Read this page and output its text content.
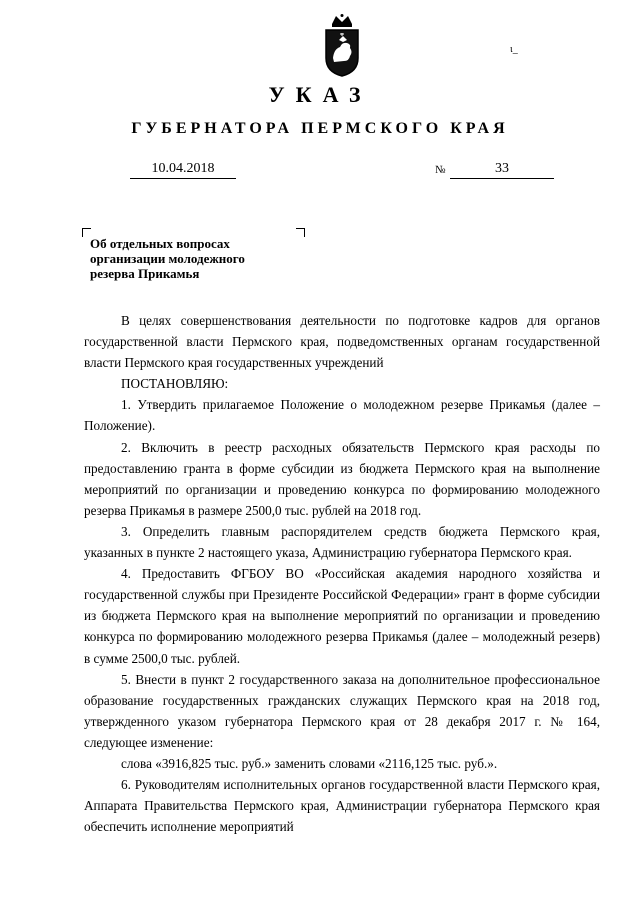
ι_
УКАЗ
ГУБЕРНАТОРА ПЕРМСКОГО КРАЯ
10.04.2018	№	33
Об отдельных вопросах организации молодежного резерва Прикамья

В целях совершенствования деятельности по подготовке кадров для органов государственной власти Пермского края, подведомственных органам государственной власти Пермского края государственных учреждений

ПОСТАНОВЛЯЮ:

1. Утвердить прилагаемое Положение о молодежном резерве Прикамья (далее – Положение).

2. Включить в реестр расходных обязательств Пермского края расходы по предоставлению гранта в форме субсидии из бюджета Пермского края на выполнение мероприятий по организации и проведению конкурса по формированию молодежного резерва Прикамья в размере 2500,0 тыс. рублей на 2018 год.

3. Определить главным распорядителем средств бюджета Пермского края, указанных в пункте 2 настоящего указа, Администрацию губернатора Пермского края.

4. Предоставить ФГБОУ ВО «Российская академия народного хозяйства и государственной службы при Президенте Российской Федерации» грант в форме субсидии из бюджета Пермского края на выполнение мероприятий по организации и проведению конкурса по формированию молодежного резерва Прикамья (далее – молодежный резерв) в сумме 2500,0 тыс. рублей.

5. Внести в пункт 2 государственного заказа на дополнительное профессиональное образование государственных гражданских служащих Пермского края на 2018 год, утвержденного указом губернатора Пермского края от 28 декабря 2017 г. № 164, следующее изменение:

слова «3916,825 тыс. руб.» заменить словами «2116,125 тыс. руб.».

6. Руководителям исполнительных органов государственной власти Пермского края, Аппарата Правительства Пермского края, Администрации губернатора Пермского края обеспечить исполнение мероприятий
